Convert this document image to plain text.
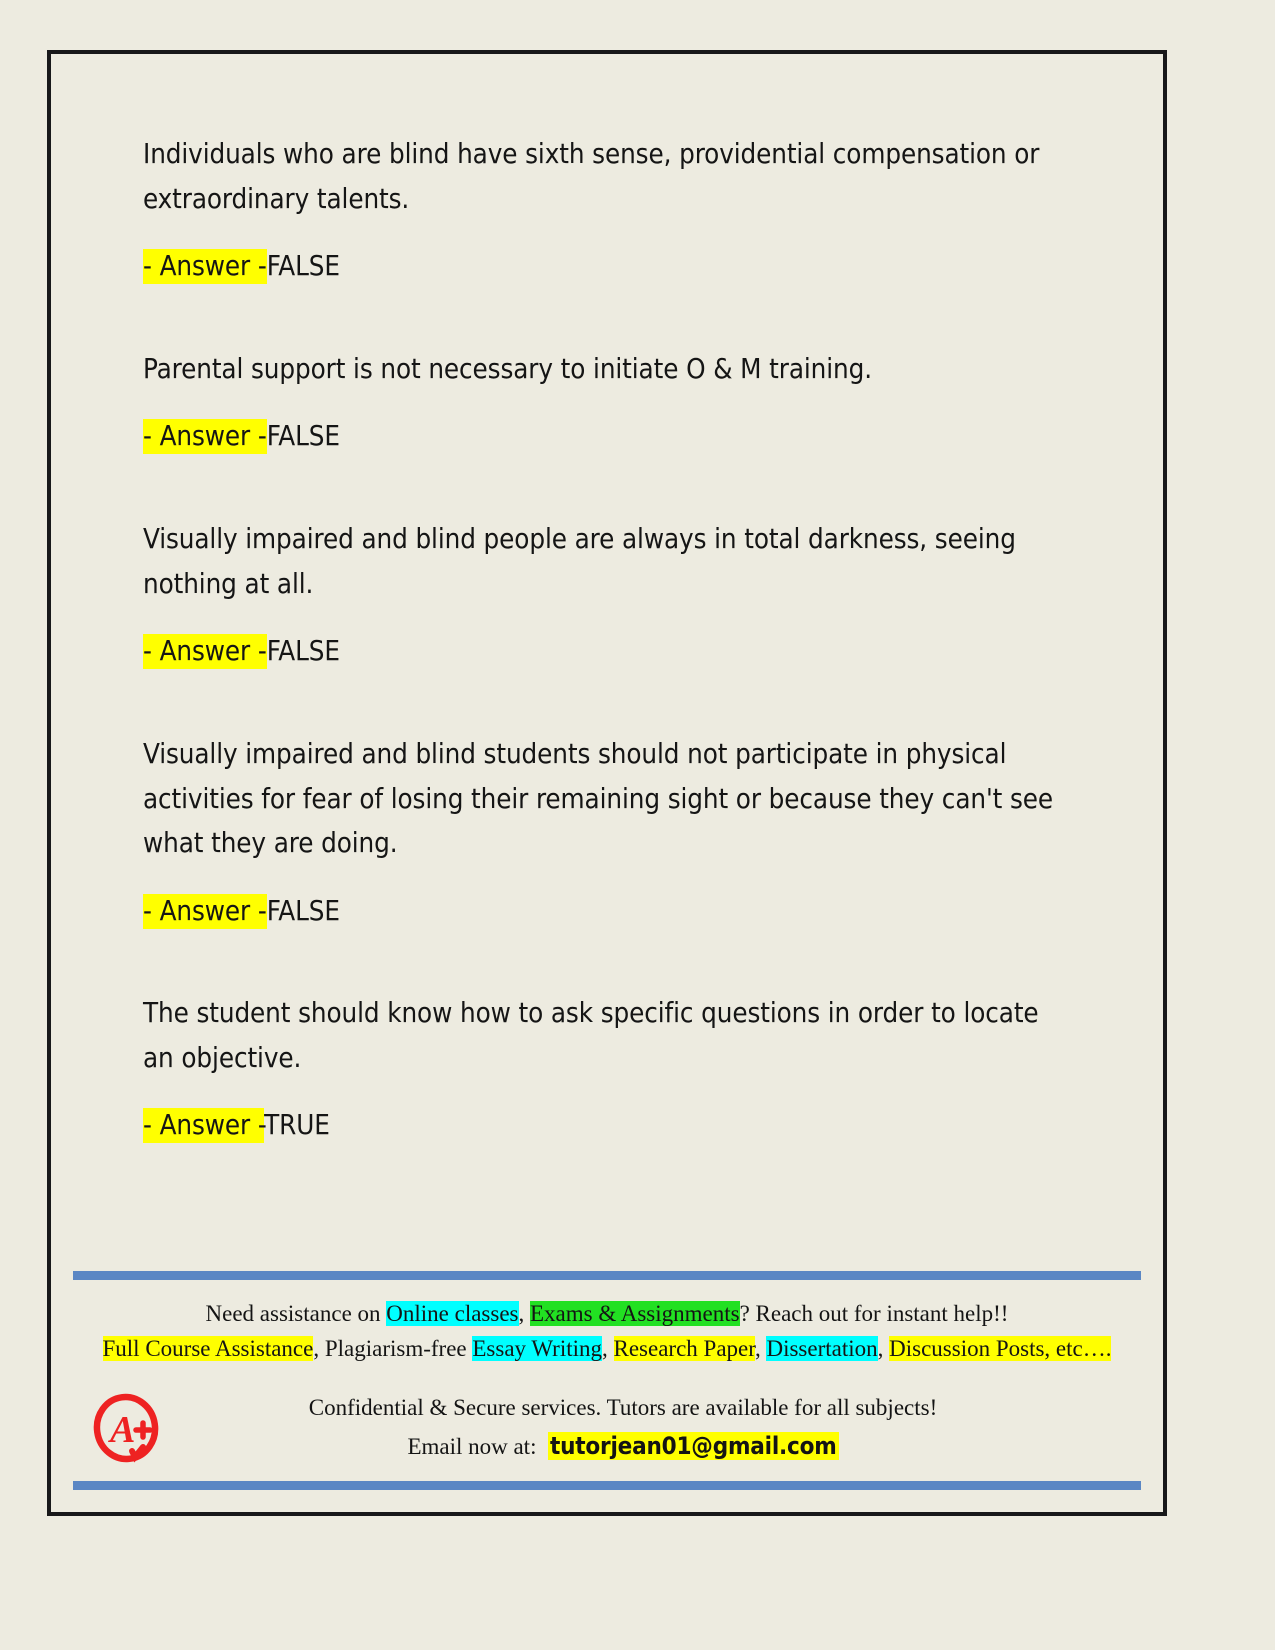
Individuals who are blind have sixth sense, providential compensation or extraordinary talents.

- Answer -FALSE

Parental support is not necessary to initiate O & M training.

- Answer -FALSE

Visually impaired and blind people are always in total darkness, seeing nothing at all.

- Answer -FALSE

Visually impaired and blind students should not participate in physical activities for fear of losing their remaining sight or because they can't see what they are doing.

- Answer -FALSE

The student should know how to ask specific questions in order to locate an objective.

- Answer -TRUE

Need assistance on Online classes, Exams & Assignments? Reach out for instant help!!

Full Course Assistance, Plagiarism-free Essay Writing, Research Paper, Dissertation, Discussion Posts, etc….

A

Confidential & Secure services. Tutors are available for all subjects!

Email now at: tutorjean01@gmail.com
